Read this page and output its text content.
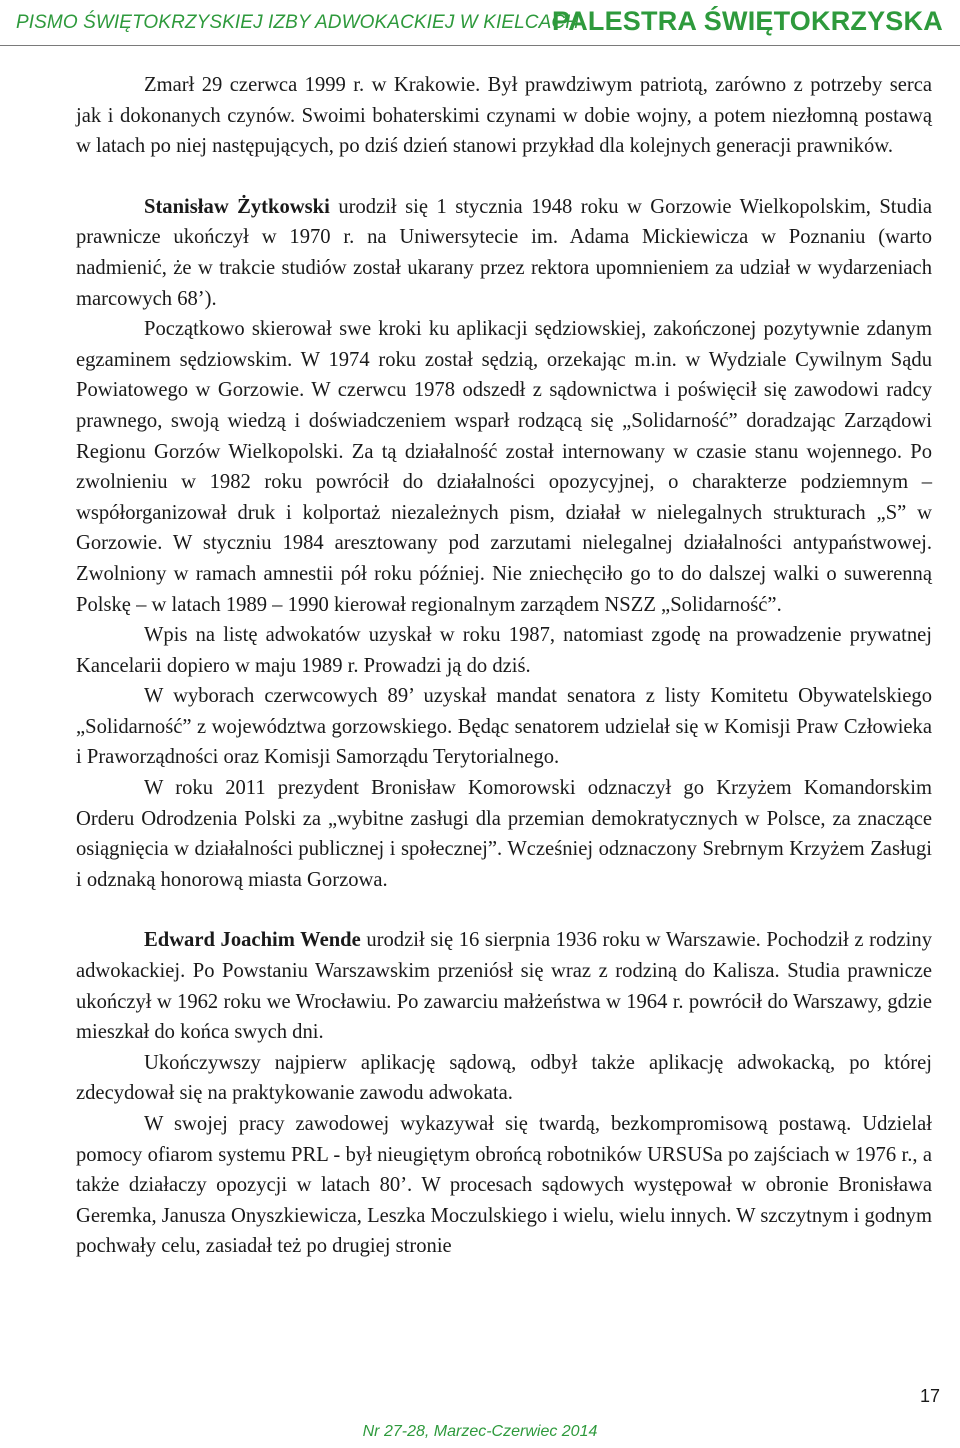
PISMO ŚWIĘTOKRZYSKIEJ IZBY ADWOKACKIEJ W KIELCACH
PALESTRA ŚWIĘTOKRZYSKA

Zmarł 29 czerwca 1999 r. w Krakowie. Był prawdziwym patriotą, zarówno z potrzeby serca jak i dokonanych czynów. Swoimi bohaterskimi czynami w dobie wojny, a potem niezłomną postawą w latach po niej następujących, po dziś dzień stanowi przykład dla kolejnych generacji prawników.

Stanisław Żytkowski urodził się 1 stycznia 1948 roku w Gorzowie Wielkopolskim, Studia prawnicze ukończył w 1970 r. na Uniwersytecie im. Adama Mickiewicza w Poznaniu (warto nadmienić, że w trakcie studiów został ukarany przez rektora upomnieniem za udział w wydarzeniach marcowych 68’).

Początkowo skierował swe kroki ku aplikacji sędziowskiej, zakończonej pozytywnie zdanym egzaminem sędziowskim. W 1974 roku został sędzią, orzekając m.in. w Wydziale Cywilnym Sądu Powiatowego w Gorzowie. W czerwcu 1978 odszedł z sądownictwa i poświęcił się zawodowi radcy prawnego, swoją wiedzą i doświadczeniem wsparł rodzącą się „Solidarność” doradzając Zarządowi Regionu Gorzów Wielkopolski. Za tą działalność został internowany w czasie stanu wojennego. Po zwolnieniu w 1982 roku powrócił do działalności opozycyjnej, o charakterze podziemnym – współorganizował druk i kolportaż niezależnych pism, działał w nielegalnych strukturach „S” w Gorzowie. W styczniu 1984 aresztowany pod zarzutami nielegalnej działalności antypaństwowej. Zwolniony w ramach amnestii pół roku później. Nie zniechęciło go to do dalszej walki o suwerenną Polskę – w latach 1989 – 1990 kierował regionalnym zarządem NSZZ „Solidarność”.

Wpis na listę adwokatów uzyskał w roku 1987, natomiast zgodę na prowadzenie prywatnej Kancelarii dopiero w maju 1989 r. Prowadzi ją do dziś.

W wyborach czerwcowych 89’ uzyskał mandat senatora z listy Komitetu Obywatelskiego „Solidarność” z województwa gorzowskiego. Będąc senatorem udzielał się w Komisji Praw Człowieka i Praworządności oraz Komisji Samorządu Terytorialnego.

W roku 2011 prezydent Bronisław Komorowski odznaczył go Krzyżem Komandorskim Orderu Odrodzenia Polski za „wybitne zasługi dla przemian demokratycznych w Polsce, za znaczące osiągnięcia w działalności publicznej i społecznej”. Wcześniej odznaczony Srebrnym Krzyżem Zasługi i odznaką honorową miasta Gorzowa.

Edward Joachim Wende urodził się 16 sierpnia 1936 roku w Warszawie. Pochodził z rodziny adwokackiej. Po Powstaniu Warszawskim przeniósł się wraz z rodziną do Kalisza. Studia prawnicze ukończył w 1962 roku we Wrocławiu. Po zawarciu małżeństwa w 1964 r. powrócił do Warszawy, gdzie mieszkał do końca swych dni.

Ukończywszy najpierw aplikację sądową, odbył także aplikację adwokacką, po której zdecydował się na praktykowanie zawodu adwokata.

W swojej pracy zawodowej wykazywał się twardą, bezkompromisową postawą. Udzielał pomocy ofiarom systemu PRL - był nieugiętym obrońcą robotników URSUSa po zajściach w 1976 r., a także działaczy opozycji w latach 80’. W procesach sądowych występował w obronie Bronisława Geremka, Janusza Onyszkiewicza, Leszka Moczulskiego i wielu, wielu innych. W szczytnym i godnym pochwały celu, zasiadał też po drugiej stronie

17
Nr 27-28, Marzec-Czerwiec 2014
